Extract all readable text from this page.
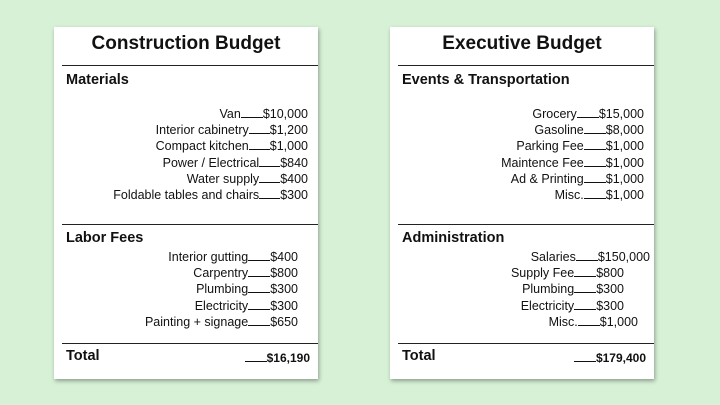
Construction Budget
Materials
Van $10,000
Interior cabinetry $1,200
Compact kitchen $1,000
Power / Electrical $840
Water supply $400
Foldable tables and chairs $300
Labor Fees
Interior gutting $400
Carpentry $800
Plumbing $300
Electricity $300
Painting + signage $650
Total	$16,190
Executive Budget
Events & Transportation
Grocery $15,000
Gasoline $8,000
Parking Fee $1,000
Maintence Fee $1,000
Ad & Printing $1,000
Misc. $1,000
Administration
Salaries $150,000
Supply Fee $800
Plumbing $300
Electricity $300
Misc. $1,000
Total	$179,400
